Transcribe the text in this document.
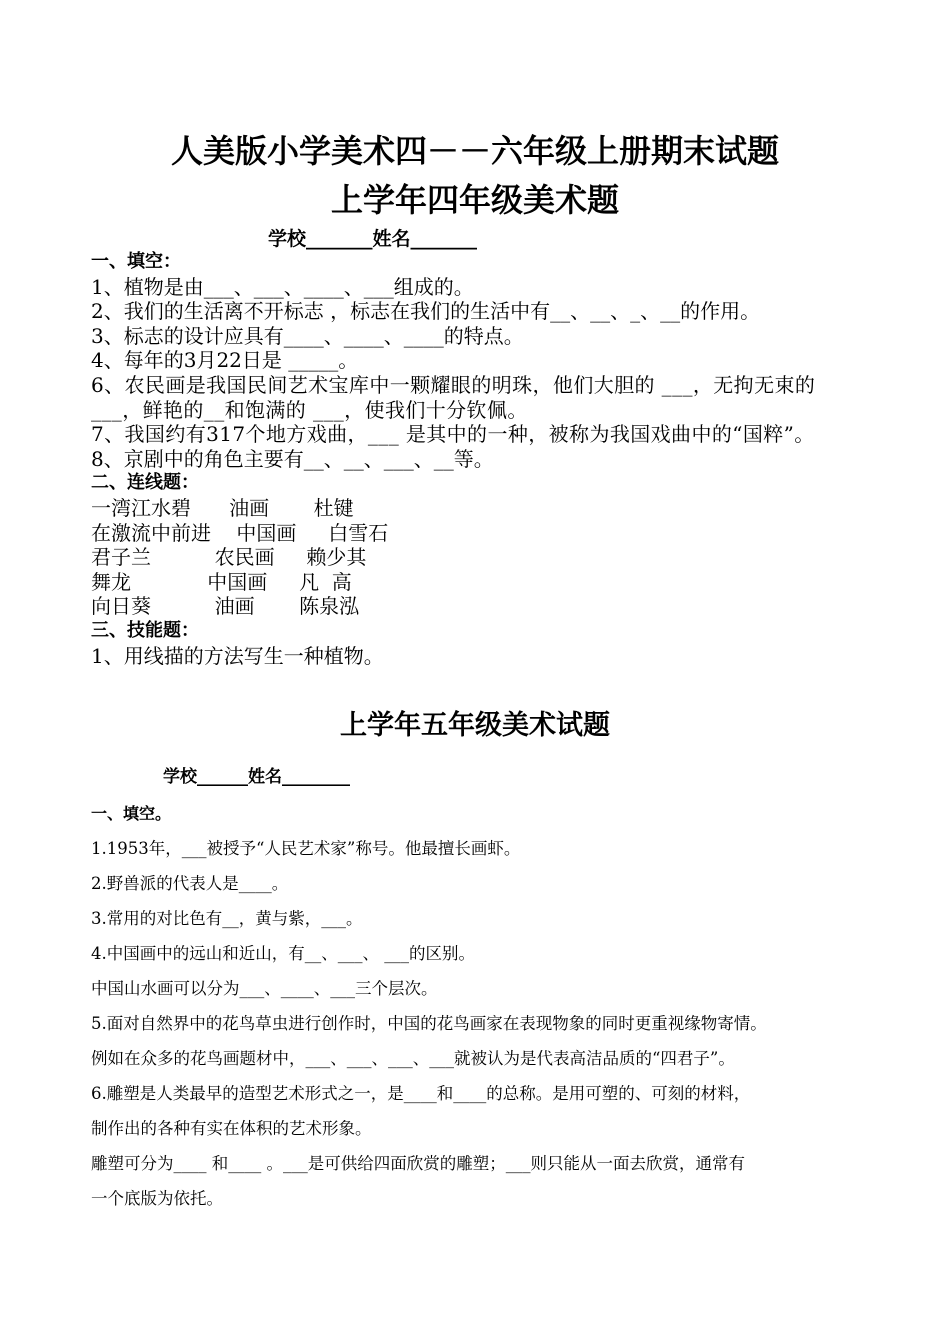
人美版小学美术四－－六年级上册期末试题
上学年四年级美术题
学校_______姓名_______
一、填空：
1、植物是由___、___、____、___组成的。
2、我们的生活离不开标志 ，标志在我们的生活中有__、__、_、__的作用。
3、标志的设计应具有____、____、____的特点。
4、每年的3月22日是 _____。
6、农民画是我国民间艺术宝库中一颗耀眼的明珠，他们大胆的 ___，无拘无束的 ___，鲜艳的__和饱满的 ___，使我们十分钦佩。
7、我国约有317个地方戏曲，___ 是其中的一种，被称为我国戏曲中的“国粹”。
8、京剧中的角色主要有__、__、___、__等。
二、连线题：
一湾江水碧      油画       杜键
在激流中前进    中国画     白雪石
君子兰          农民画     赖少其
舞龙            中国画     凡  高
向日葵          油画       陈泉泓
三、技能题：
1、用线描的方法写生一种植物。
上学年五年级美术试题
学校______姓名________
一、填空。
1.1953年，___被授予“人民艺术家”称号。他最擅长画虾。
2.野兽派的代表人是____。
3.常用的对比色有__，黄与紫，___。
4.中国画中的远山和近山，有__、___、 ___的区别。
中国山水画可以分为___、____、___三个层次。
5.面对自然界中的花鸟草虫进行创作时，中国的花鸟画家在表现物象的同时更重视缘物寄情。
例如在众多的花鸟画题材中，___、___、___、___就被认为是代表高洁品质的“四君子”。
6.雕塑是人类最早的造型艺术形式之一，是____和____的总称。是用可塑的、可刻的材料，
制作出的各种有实在体积的艺术形象。
雕塑可分为____ 和____ 。___是可供给四面欣赏的雕塑；___则只能从一面去欣赏，通常有
一个底版为依托。
